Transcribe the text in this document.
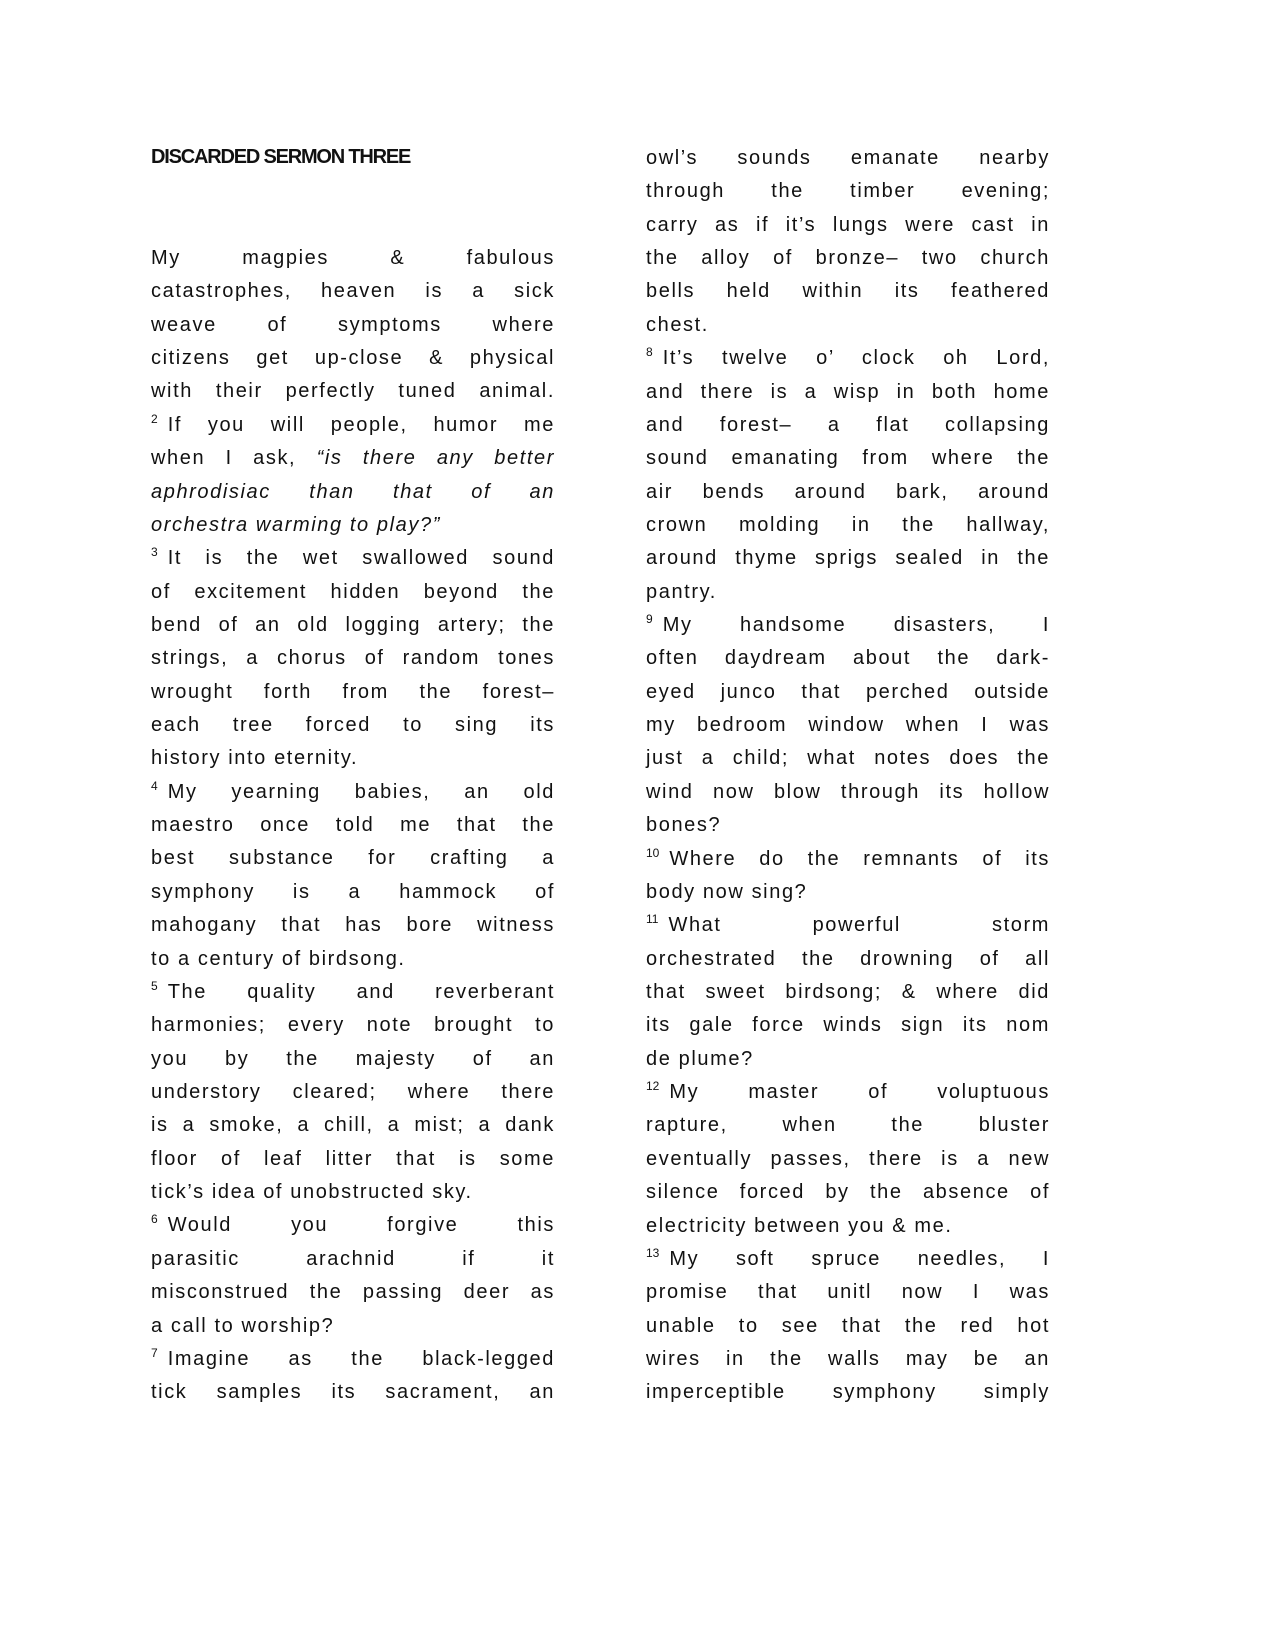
DISCARDED SERMON THREE
My magpies & fabulous
catastrophes, heaven is a sick
weave of symptoms where
citizens get up-close & physical
with their perfectly tuned animal.
$^2$ If you will people, humor me
when I ask, “is there any better
aphrodisiac than that of an
orchestra warming to play?”
$^3$ It is the wet swallowed sound
of excitement hidden beyond the
bend of an old logging artery; the
strings, a chorus of random tones
wrought forth from the forest–
each tree forced to sing its
history into eternity.
$^4$ My yearning babies, an old
maestro once told me that the
best substance for crafting a
symphony is a hammock of
mahogany that has bore witness
to a century of birdsong.
$^5$ The quality and reverberant
harmonies; every note brought to
you by the majesty of an
understory cleared; where there
is a smoke, a chill, a mist; a dank
floor of leaf litter that is some
tick’s idea of unobstructed sky.
$^6$ Would you forgive this
parasitic arachnid if it
misconstrued the passing deer as
a call to worship?
$^7$ Imagine as the black-legged
tick samples its sacrament, an
owl’s sounds emanate nearby
through the timber evening;
carry as if it’s lungs were cast in
the alloy of bronze– two church
bells held within its feathered
chest.
$^8$ It’s twelve o’ clock oh Lord,
and there is a wisp in both home
and forest– a flat collapsing
sound emanating from where the
air bends around bark, around
crown molding in the hallway,
around thyme sprigs sealed in the
pantry.
$^9$ My handsome disasters, I
often daydream about the dark-
eyed junco that perched outside
my bedroom window when I was
just a child; what notes does the
wind now blow through its hollow
bones?
$^{10}$ Where do the remnants of its
body now sing?
$^{11}$ What powerful storm
orchestrated the drowning of all
that sweet birdsong; & where did
its gale force winds sign its nom
de plume?
$^{12}$ My master of voluptuous
rapture, when the bluster
eventually passes, there is a new
silence forced by the absence of
electricity between you & me.
$^{13}$ My soft spruce needles, I
promise that unitl now I was
unable to see that the red hot
wires in the walls may be an
imperceptible symphony simply
